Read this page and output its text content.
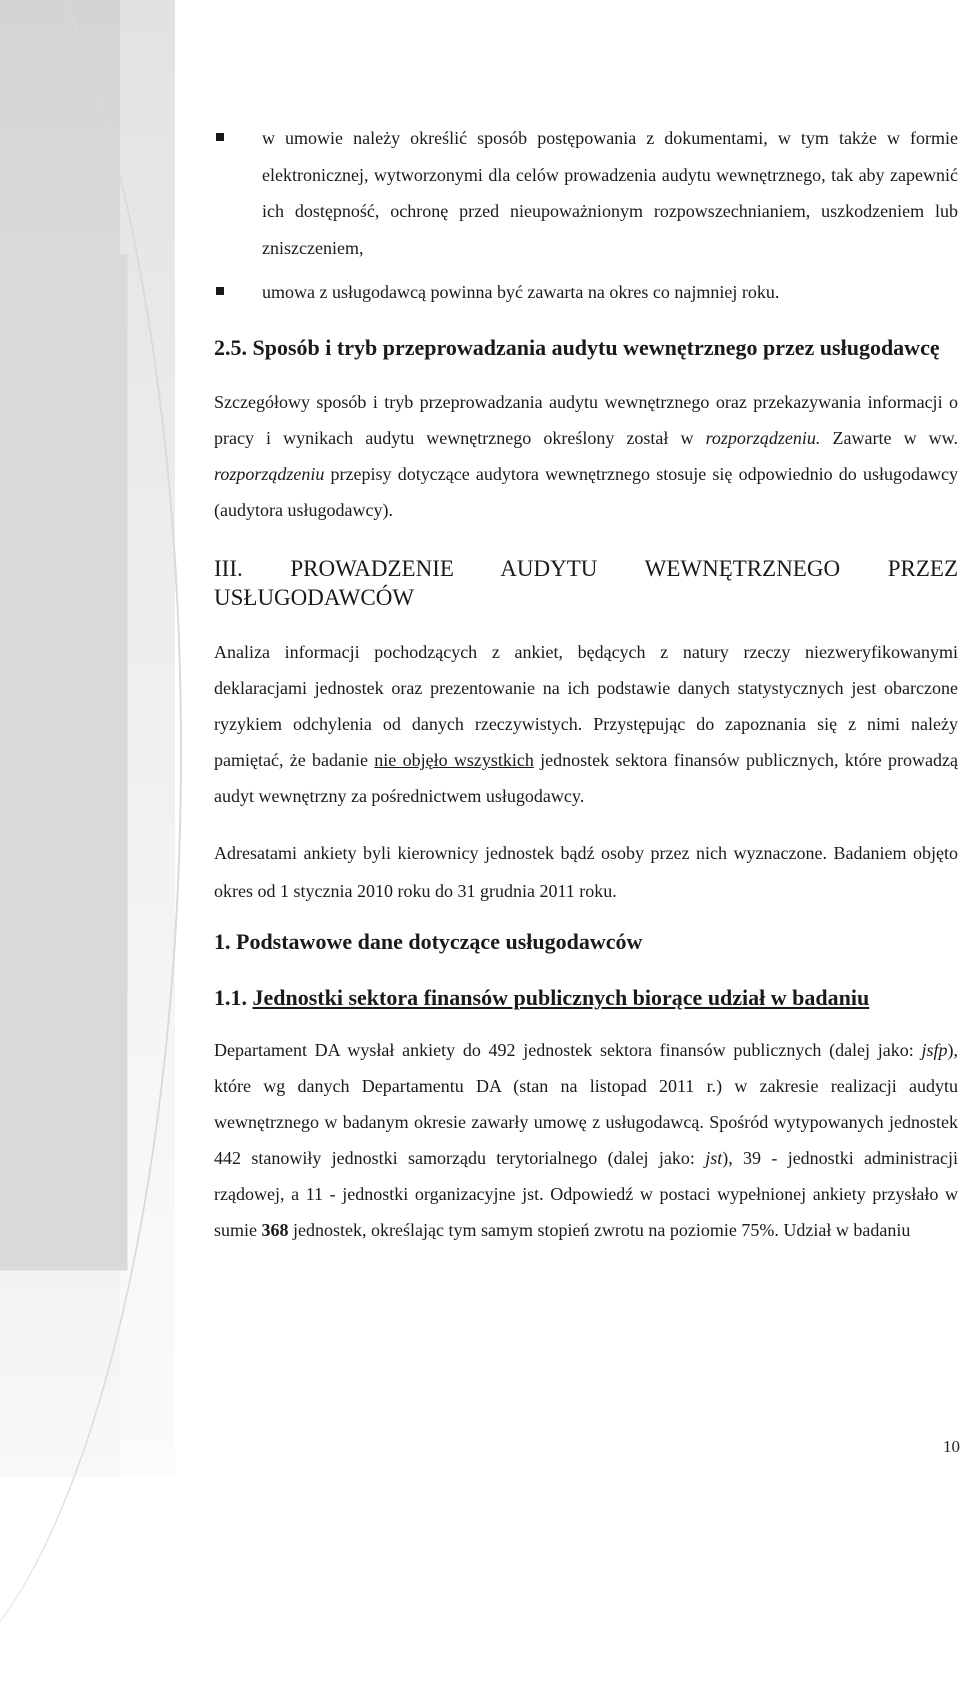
w umowie należy określić sposób postępowania z dokumentami, w tym także w formie elektronicznej, wytworzonymi dla celów prowadzenia audytu wewnętrznego, tak aby zapewnić ich dostępność, ochronę przed nieupoważnionym rozpowszechnianiem, uszkodzeniem lub zniszczeniem,
umowa z usługodawcą powinna być zawarta na okres co najmniej roku.
2.5. Sposób i tryb przeprowadzania audytu wewnętrznego przez usługodawcę

Szczegółowy sposób i tryb przeprowadzania audytu wewnętrznego oraz przekazywania informacji o pracy i wynikach audytu wewnętrznego określony został w rozporządzeniu. Zawarte w ww. rozporządzeniu przepisy dotyczące audytora wewnętrznego stosuje się odpowiednio do usługodawcy (audytora usługodawcy).

III. PROWADZENIE AUDYTU WEWNĘTRZNEGO PRZEZ USŁUGODAWCÓW

Analiza informacji pochodzących z ankiet, będących z natury rzeczy niezweryfikowanymi deklaracjami jednostek oraz prezentowanie na ich podstawie danych statystycznych jest obarczone ryzykiem odchylenia od danych rzeczywistych. Przystępując do zapoznania się z nimi należy pamiętać, że badanie nie objęło wszystkich jednostek sektora finansów publicznych, które prowadzą audyt wewnętrzny za pośrednictwem usługodawcy.

Adresatami ankiety byli kierownicy jednostek bądź osoby przez nich wyznaczone. Badaniem objęto okres od 1 stycznia 2010 roku do 31 grudnia 2011 roku.

1. Podstawowe dane dotyczące usługodawców
1.1. Jednostki sektora finansów publicznych biorące udział w badaniu

Departament DA wysłał ankiety do 492 jednostek sektora finansów publicznych (dalej jako: jsfp), które wg danych Departamentu DA (stan na listopad 2011 r.) w zakresie realizacji audytu wewnętrznego w badanym okresie zawarły umowę z usługodawcą. Spośród wytypowanych jednostek 442 stanowiły jednostki samorządu terytorialnego (dalej jako: jst), 39 - jednostki administracji rządowej, a 11 - jednostki organizacyjne jst. Odpowiedź w postaci wypełnionej ankiety przysłało w sumie 368 jednostek, określając tym samym stopień zwrotu na poziomie 75%. Udział w badaniu

10
